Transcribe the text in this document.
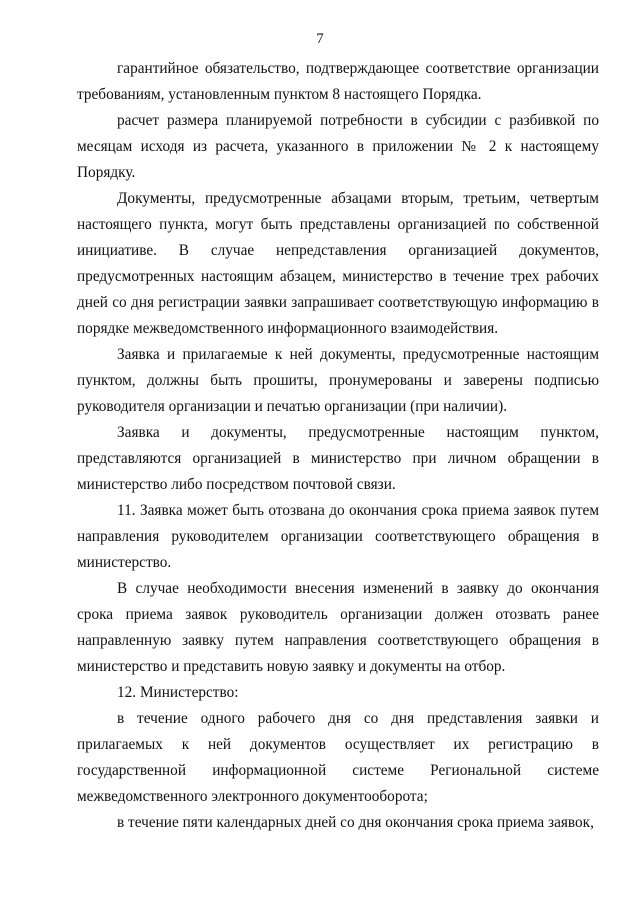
7

гарантийное обязательство, подтверждающее соответствие организации требованиям, установленным пунктом 8 настоящего Порядка.

расчет размера планируемой потребности в субсидии с разбивкой по месяцам исходя из расчета, указанного в приложении № 2 к настоящему Порядку.

Документы, предусмотренные абзацами вторым, третьим, четвертым настоящего пункта, могут быть представлены организацией по собственной инициативе. В случае непредставления организацией документов, предусмотренных настоящим абзацем, министерство в течение трех рабочих дней со дня регистрации заявки запрашивает соответствующую информацию в порядке межведомственного информационного взаимодействия.

Заявка и прилагаемые к ней документы, предусмотренные настоящим пунктом, должны быть прошиты, пронумерованы и заверены подписью руководителя организации и печатью организации (при наличии).

Заявка и документы, предусмотренные настоящим пунктом, представляются организацией в министерство при личном обращении в министерство либо посредством почтовой связи.

11. Заявка может быть отозвана до окончания срока приема заявок путем направления руководителем организации соответствующего обращения в министерство.

В случае необходимости внесения изменений в заявку до окончания срока приема заявок руководитель организации должен отозвать ранее направленную заявку путем направления соответствующего обращения в министерство и представить новую заявку и документы на отбор.

12. Министерство:

в течение одного рабочего дня со дня представления заявки и прилагаемых к ней документов осуществляет их регистрацию в государственной информационной системе Региональной системе межведомственного электронного документооборота;

в течение пяти календарных дней со дня окончания срока приема заявок,
